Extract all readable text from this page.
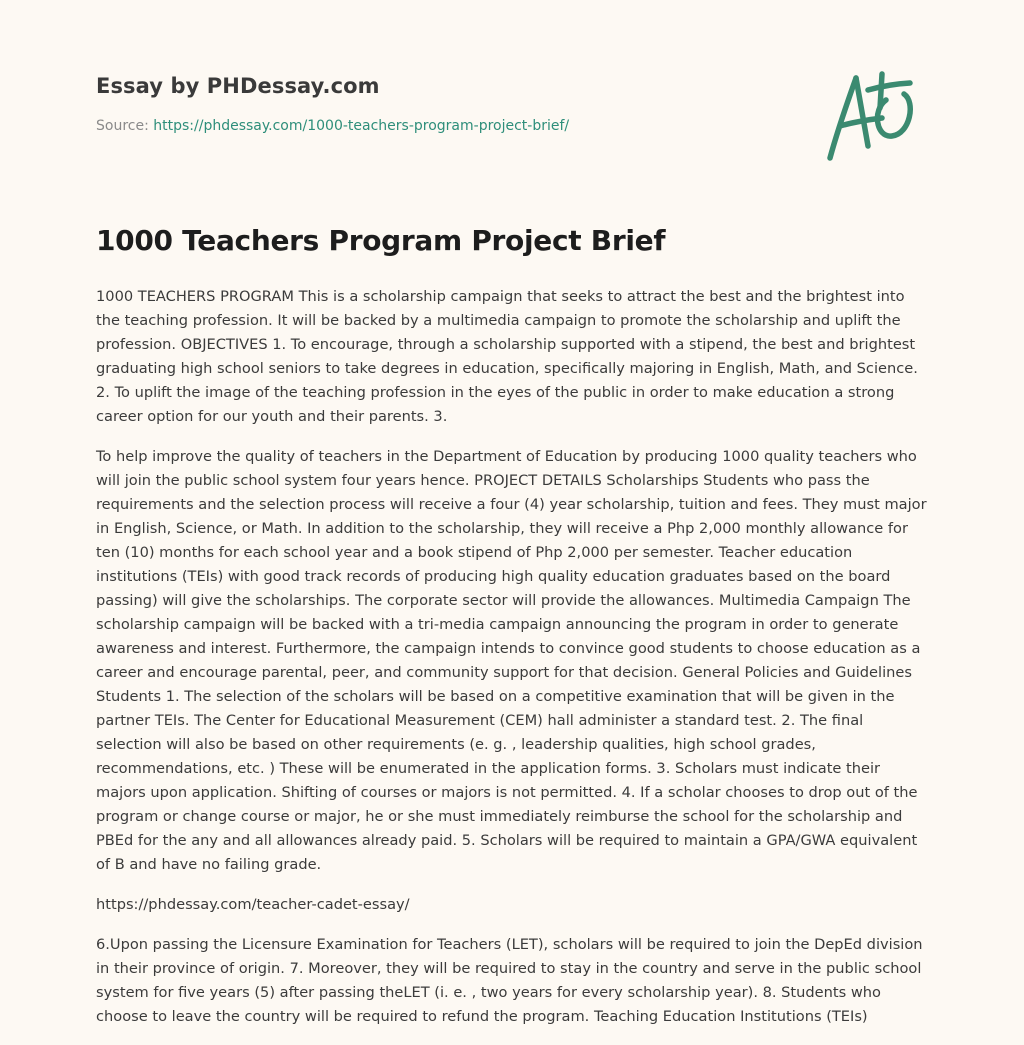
Essay by PHDessay.com
Source: https://phdessay.com/1000-teachers-program-project-brief/
1000 Teachers Program Project Brief

1000 TEACHERS PROGRAM This is a scholarship campaign that seeks to attract the best and the brightest into the teaching profession. It will be backed by a multimedia campaign to promote the scholarship and uplift the profession. OBJECTIVES 1. To encourage, through a scholarship supported with a stipend, the best and brightest graduating high school seniors to take degrees in education, specifically majoring in English, Math, and Science. 2. To uplift the image of the teaching profession in the eyes of the public in order to make education a strong career option for our youth and their parents. 3.

To help improve the quality of teachers in the Department of Education by producing 1000 quality teachers who will join the public school system four years hence. PROJECT DETAILS Scholarships Students who pass the requirements and the selection process will receive a four (4) year scholarship, tuition and fees. They must major in English, Science, or Math. In addition to the scholarship, they will receive a Php 2,000 monthly allowance for ten (10) months for each school year and a book stipend of Php 2,000 per semester. Teacher education institutions (TEIs) with good track records of producing high quality education graduates based on the board passing) will give the scholarships. The corporate sector will provide the allowances. Multimedia Campaign The scholarship campaign will be backed with a tri-media campaign announcing the program in order to generate awareness and interest. Furthermore, the campaign intends to convince good students to choose education as a career and encourage parental, peer, and community support for that decision. General Policies and Guidelines Students 1. The selection of the scholars will be based on a competitive examination that will be given in the partner TEIs. The Center for Educational Measurement (CEM) hall administer a standard test. 2. The final selection will also be based on other requirements (e. g. , leadership qualities, high school grades, recommendations, etc. ) These will be enumerated in the application forms. 3. Scholars must indicate their majors upon application. Shifting of courses or majors is not permitted. 4. If a scholar chooses to drop out of the program or change course or major, he or she must immediately reimburse the school for the scholarship and PBEd for the any and all allowances already paid. 5. Scholars will be required to maintain a GPA/GWA equivalent of B and have no failing grade.

https://phdessay.com/teacher-cadet-essay/

6.Upon passing the Licensure Examination for Teachers (LET), scholars will be required to join the DepEd division in their province of origin. 7. Moreover, they will be required to stay in the country and serve in the public school system for five years (5) after passing theLET (i. e. , two years for every scholarship year). 8. Students who choose to leave the country will be required to refund the program. Teaching Education Institutions (TEIs)
